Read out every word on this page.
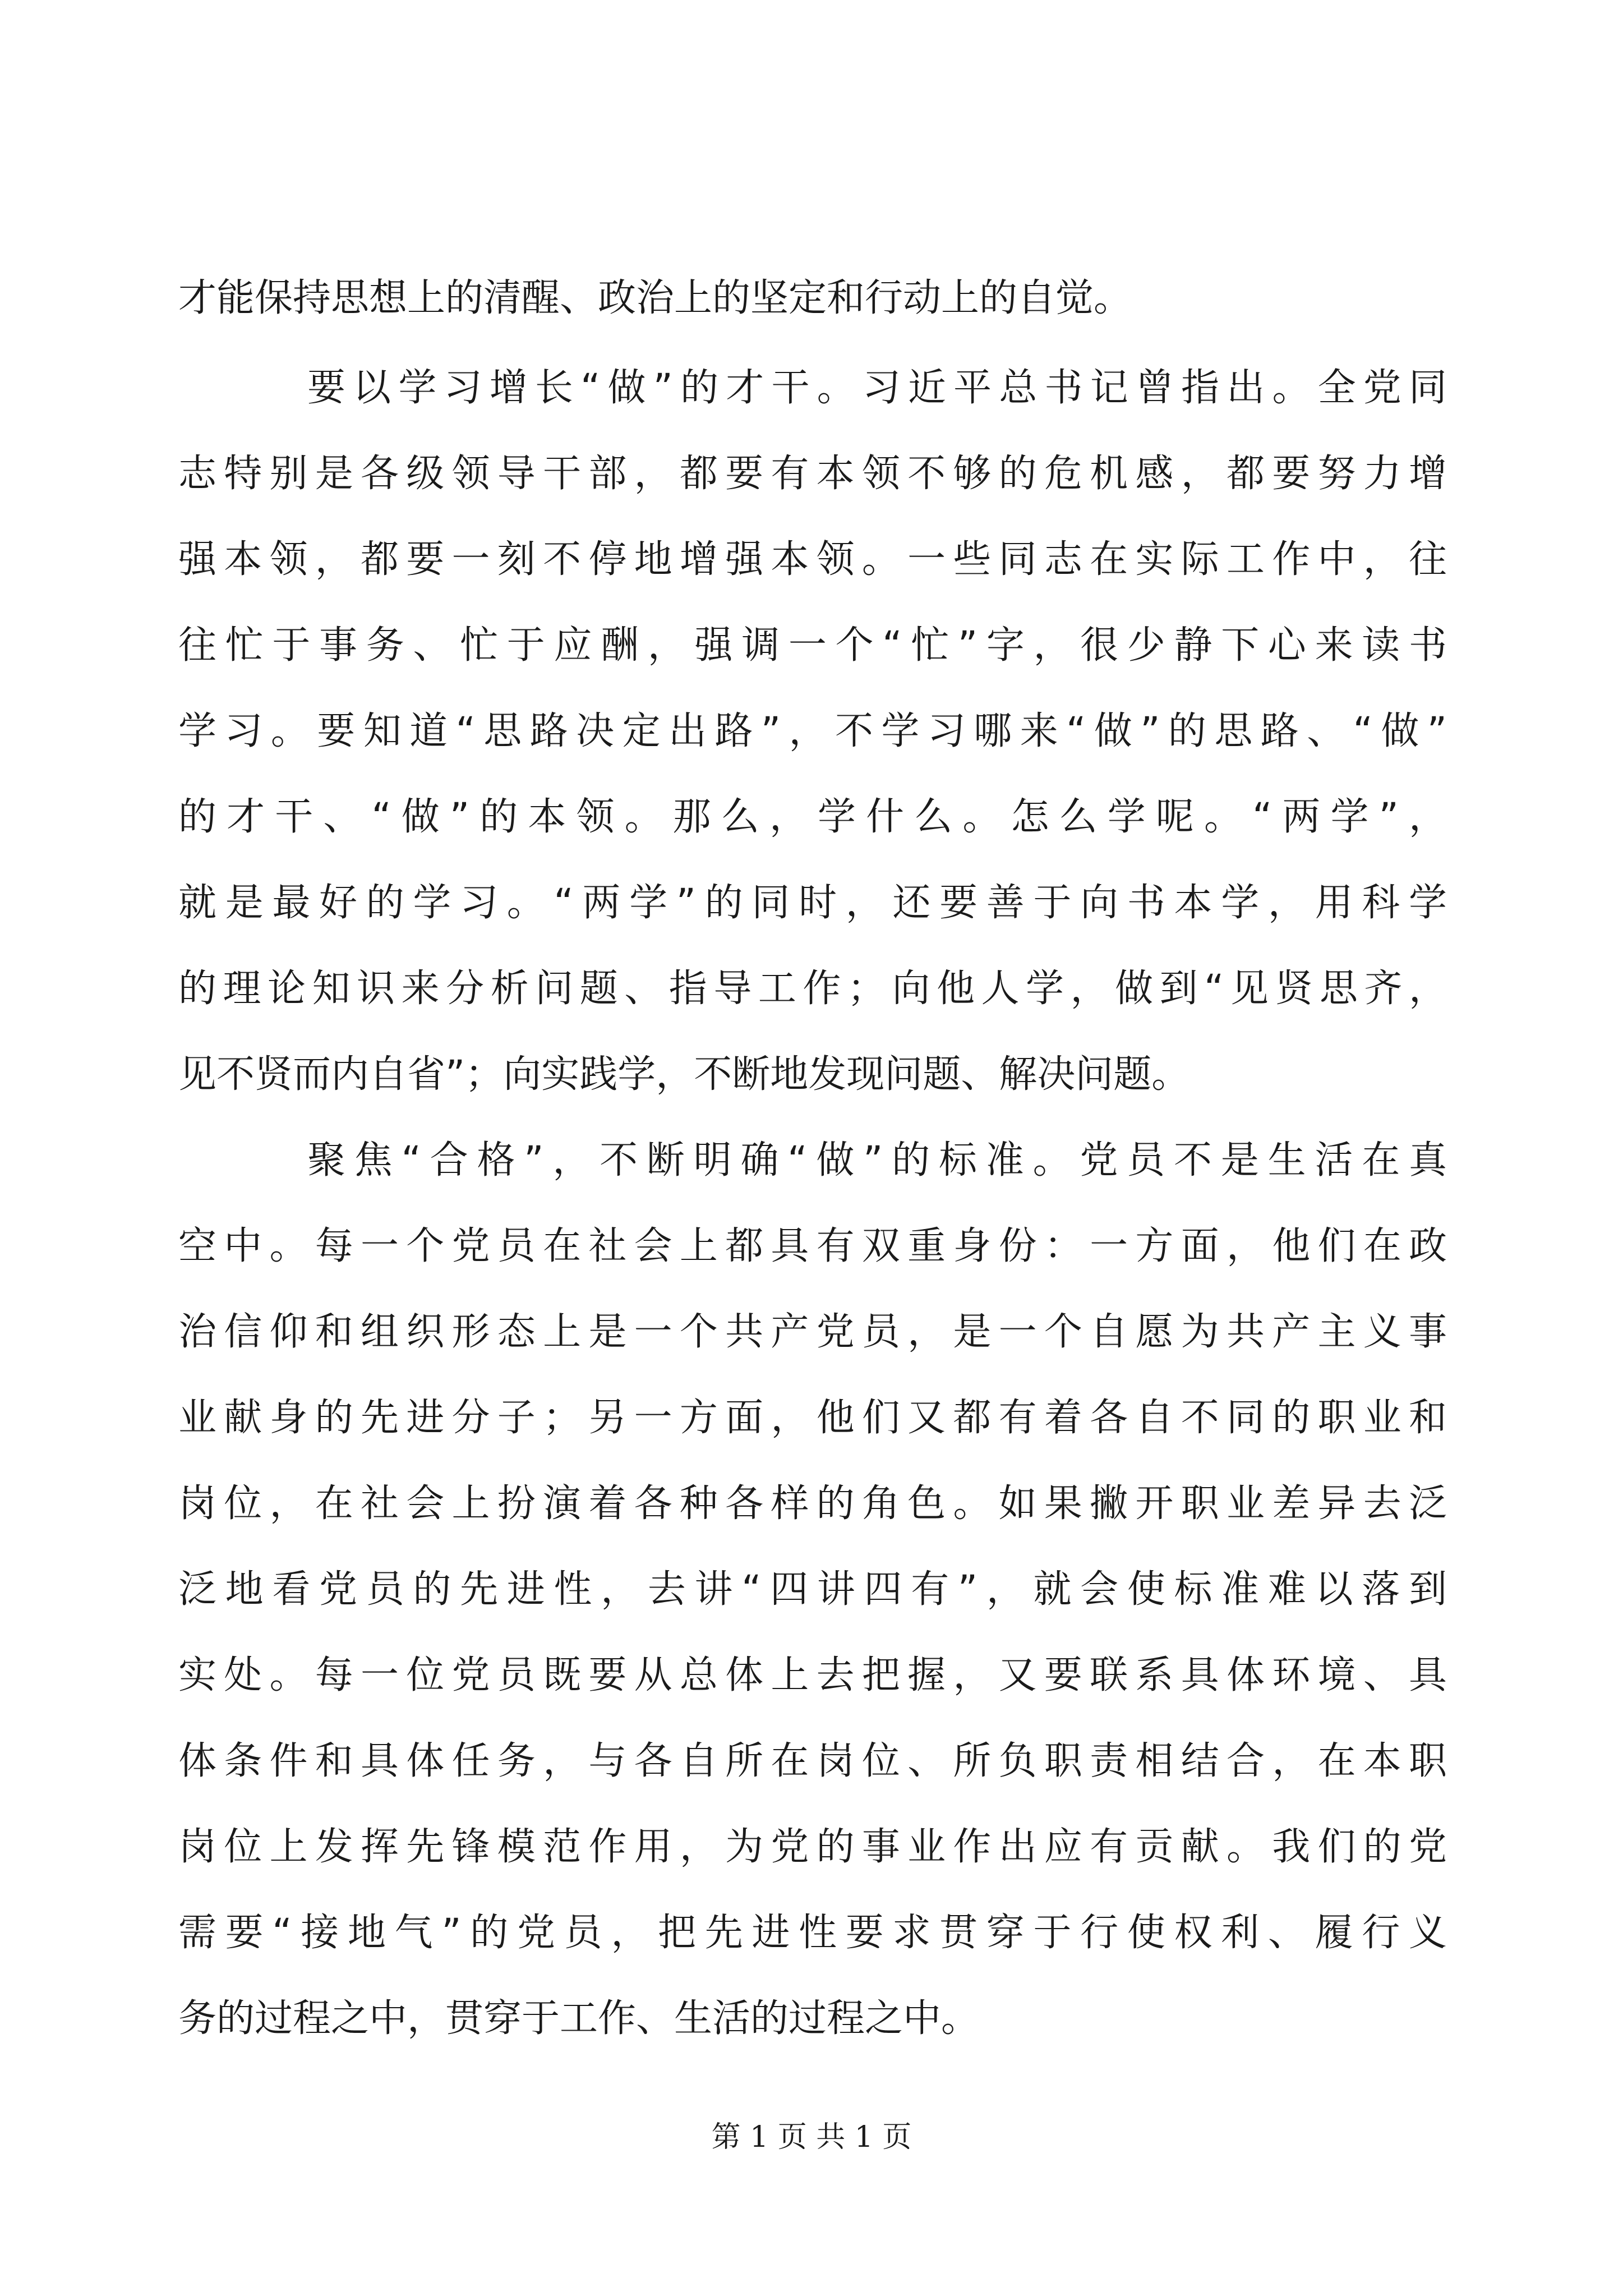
才能保持思想上的清醒、政治上的坚定和行动上的自觉。
要以学习增长“做”的才干。习近平总书记曾指出。全党同
志特别是各级领导干部，都要有本领不够的危机感，都要努力增
强本领，都要一刻不停地增强本领。一些同志在实际工作中，往
往忙于事务、忙于应酬，强调一个“忙”字，很少静下心来读书
学习。要知道“思路决定出路”，不学习哪来“做”的思路、“做”
的才干、“做”的本领。那么，学什么。怎么学呢。“两学”，
就是最好的学习。“两学”的同时，还要善于向书本学，用科学
的理论知识来分析问题、指导工作；向他人学，做到“见贤思齐，
见不贤而内自省”；向实践学，不断地发现问题、解决问题。
聚焦“合格”，不断明确“做”的标准。党员不是生活在真
空中。每一个党员在社会上都具有双重身份：一方面，他们在政
治信仰和组织形态上是一个共产党员，是一个自愿为共产主义事
业献身的先进分子；另一方面，他们又都有着各自不同的职业和
岗位，在社会上扮演着各种各样的角色。如果撇开职业差异去泛
泛地看党员的先进性，去讲“四讲四有”，就会使标准难以落到
实处。每一位党员既要从总体上去把握，又要联系具体环境、具
体条件和具体任务，与各自所在岗位、所负职责相结合，在本职
岗位上发挥先锋模范作用，为党的事业作出应有贡献。我们的党
需要“接地气”的党员，把先进性要求贯穿于行使权利、履行义
务的过程之中，贯穿于工作、生活的过程之中。
第 1 页 共 1 页
